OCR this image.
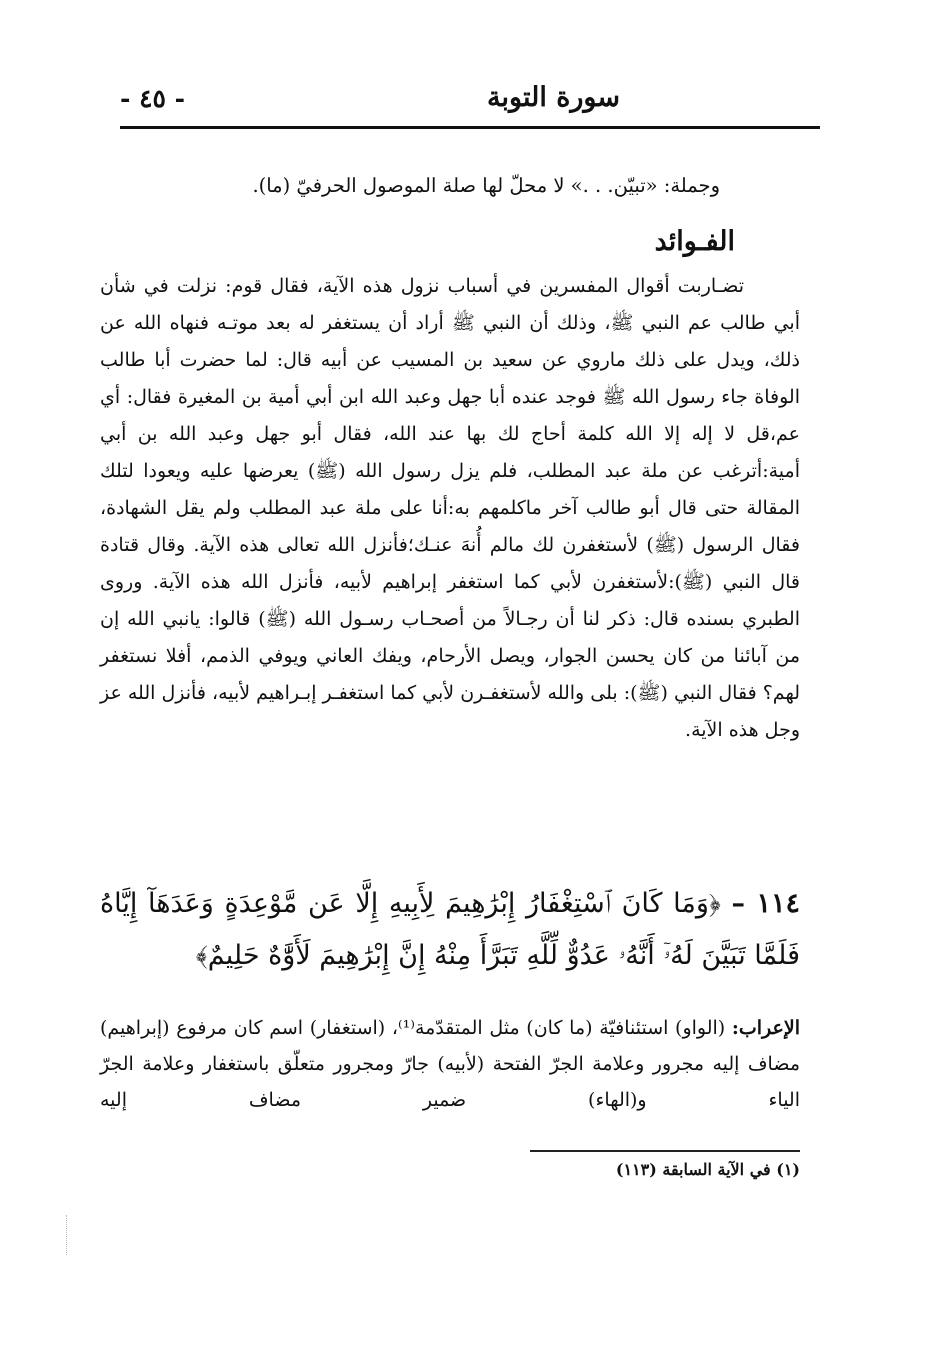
سورة التوبة
- ٤٥ -
وجملة: «تبيّن. . .» لا محلّ لها صلة الموصول الحرفيّ (ما).
الفـوائد

تضـاربت أقوال المفسرين في أسباب نزول هذه الآية، فقال قوم: نزلت في شأن أبي طالب عم النبي ﷺ، وذلك أن النبي ﷺ أراد أن يستغفر له بعد موتـه فنهاه الله عن ذلك، ويدل على ذلك ماروي عن سعيد بن المسيب عن أبيه قال: لما حضرت أبا طالب الوفاة جاء رسول الله ﷺ فوجد عنده أبا جهل وعبد الله ابن أبي أمية بن المغيرة فقال: أي عم،قل لا إله إلا الله كلمة أحاج لك بها عند الله، فقال أبو جهل وعبد الله بن أبي أمية:أترغب عن ملة عبد المطلب، فلم يزل رسول الله (ﷺ) يعرضها عليه ويعودا لتلك المقالة حتى قال أبو طالب آخر ماكلمهم به:أنا على ملة عبد المطلب ولم يقل الشهادة، فقال الرسول (ﷺ) لأستغفرن لك مالم أُنهَ عنـك؛فأنزل الله تعالى هذه الآية. وقال قتادة قال النبي (ﷺ):لأستغفرن لأبي كما استغفر إبراهيم لأبيه، فأنزل الله هذه الآية. وروى الطبري بسنده قال: ذكر لنا أن رجـالاً من أصحـاب رسـول الله (ﷺ) قالوا: يانبي الله إن من آبائنا من كان يحسن الجوار، ويصل الأرحام، ويفك العاني ويوفي الذمم، أفلا نستغفر لهم؟ فقال النبي (ﷺ): بلى والله لأستغفـرن لأبي كما استغفـر إبـراهيم لأبيه، فأنزل الله عز وجل هذه الآية.

١١٤ – ﴿وَمَا كَانَ ٱسْتِغْفَارُ إِبْرَٰهِيمَ لِأَبِيهِ إِلَّا عَن مَّوْعِدَةٍ وَعَدَهَآ إِيَّاهُ فَلَمَّا تَبَيَّنَ لَهُۥٓ أَنَّهُۥ عَدُوٌّ لِّلَّهِ تَبَرَّأَ مِنْهُ إِنَّ إِبْرَٰهِيمَ لَأَوَّٰهٌ حَلِيمٌ﴾
الإعراب: (الواو) استئنافيّة (ما كان) مثل المتقدّمة⁽¹⁾، (استغفار) اسم كان مرفوع (إبراهيم) مضاف إليه مجرور وعلامة الجرّ الفتحة (لأبيه) جارّ ومجرور متعلّق باستغفار وعلامة الجرّ الياء و(الهاء) ضمير مضاف إليه
(١) في الآية السابقة (١١٣)
